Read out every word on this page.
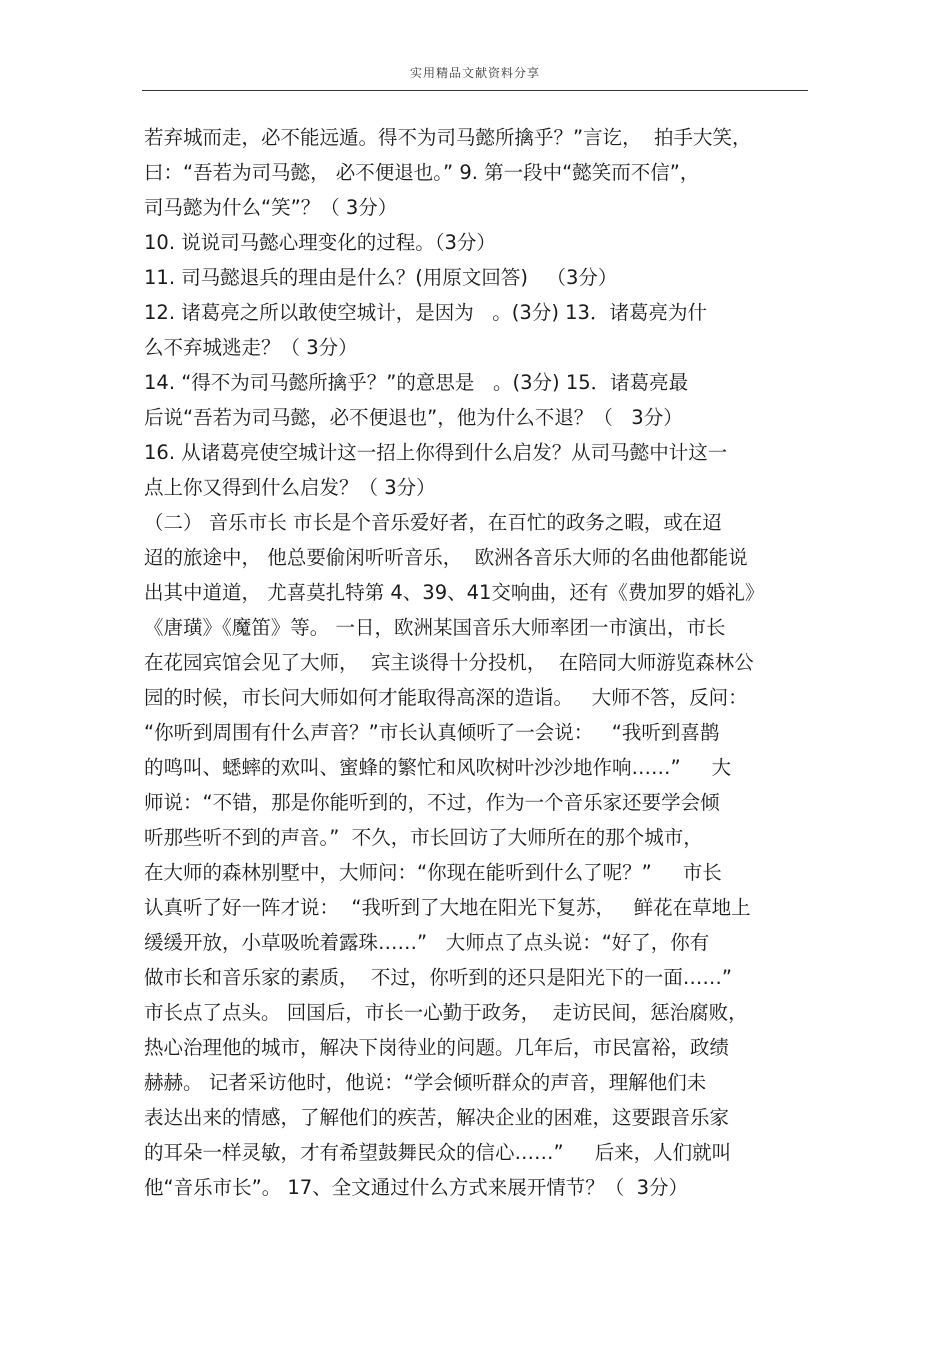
实用精品文献资料分享
若弃城而走，必不能远遁。得不为司马懿所擒乎？”言讫，  拍手大笑，
曰：“吾若为司马懿， 必不便退也。” 9. 第一段中“懿笑而不信”，
司马懿为什么“笑”？（ 3分）
10. 说说司马懿心理变化的过程。（3分）
11. 司马懿退兵的理由是什么？(用原文回答)   （3分）
12. 诸葛亮之所以敢使空城计，是因为   。(3分) 13．诸葛亮为什
么不弃城逃走？（ 3分）
14. “得不为司马懿所擒乎？”的意思是   。(3分) 15．诸葛亮最
后说“吾若为司马懿，必不便退也”，他为什么不退？（   3分）
16. 从诸葛亮使空城计这一招上你得到什么启发？从司马懿中计这一
点上你又得到什么启发？（ 3分）
（二） 音乐市长 市长是个音乐爱好者，在百忙的政务之暇，或在迢
迢的旅途中， 他总要偷闲听听音乐，  欧洲各音乐大师的名曲他都能说
出其中道道， 尤喜莫扎特第 4、39、41交响曲，还有《费加罗的婚礼》
《唐璜》《魔笛》等。 一日，欧洲某国音乐大师率团一市演出，市长
在花园宾馆会见了大师，  宾主谈得十分投机，  在陪同大师游览森林公
园的时候，市长问大师如何才能取得高深的造诣。   大师不答，反问：
“你听到周围有什么声音？”市长认真倾听了一会说：   “我听到喜鹊
的鸣叫、蟋蟀的欢叫、蜜蜂的繁忙和风吹树叶沙沙地作响……”     大
师说：“不错，那是你能听到的，不过，作为一个音乐家还要学会倾
听那些听不到的声音。”  不久，市长回访了大师所在的那个城市，
在大师的森林别墅中，大师问：“你现在能听到什么了呢？”     市长
认真听了好一阵才说：  “我听到了大地在阳光下复苏，   鲜花在草地上
缓缓开放，小草吸吮着露珠……”   大师点了点头说：“好了，你有
做市长和音乐家的素质，  不过，你听到的还只是阳光下的一面……”
市长点了点头。 回国后，市长一心勤于政务，  走访民间，惩治腐败，
热心治理他的城市，解决下岗待业的问题。几年后，市民富裕，政绩
赫赫。 记者采访他时，他说：“学会倾听群众的声音，理解他们未
表达出来的情感，了解他们的疾苦，解决企业的困难，这要跟音乐家
的耳朵一样灵敏，才有希望鼓舞民众的信心……”     后来，人们就叫
他“音乐市长”。 17、全文通过什么方式来展开情节？（  3分）
